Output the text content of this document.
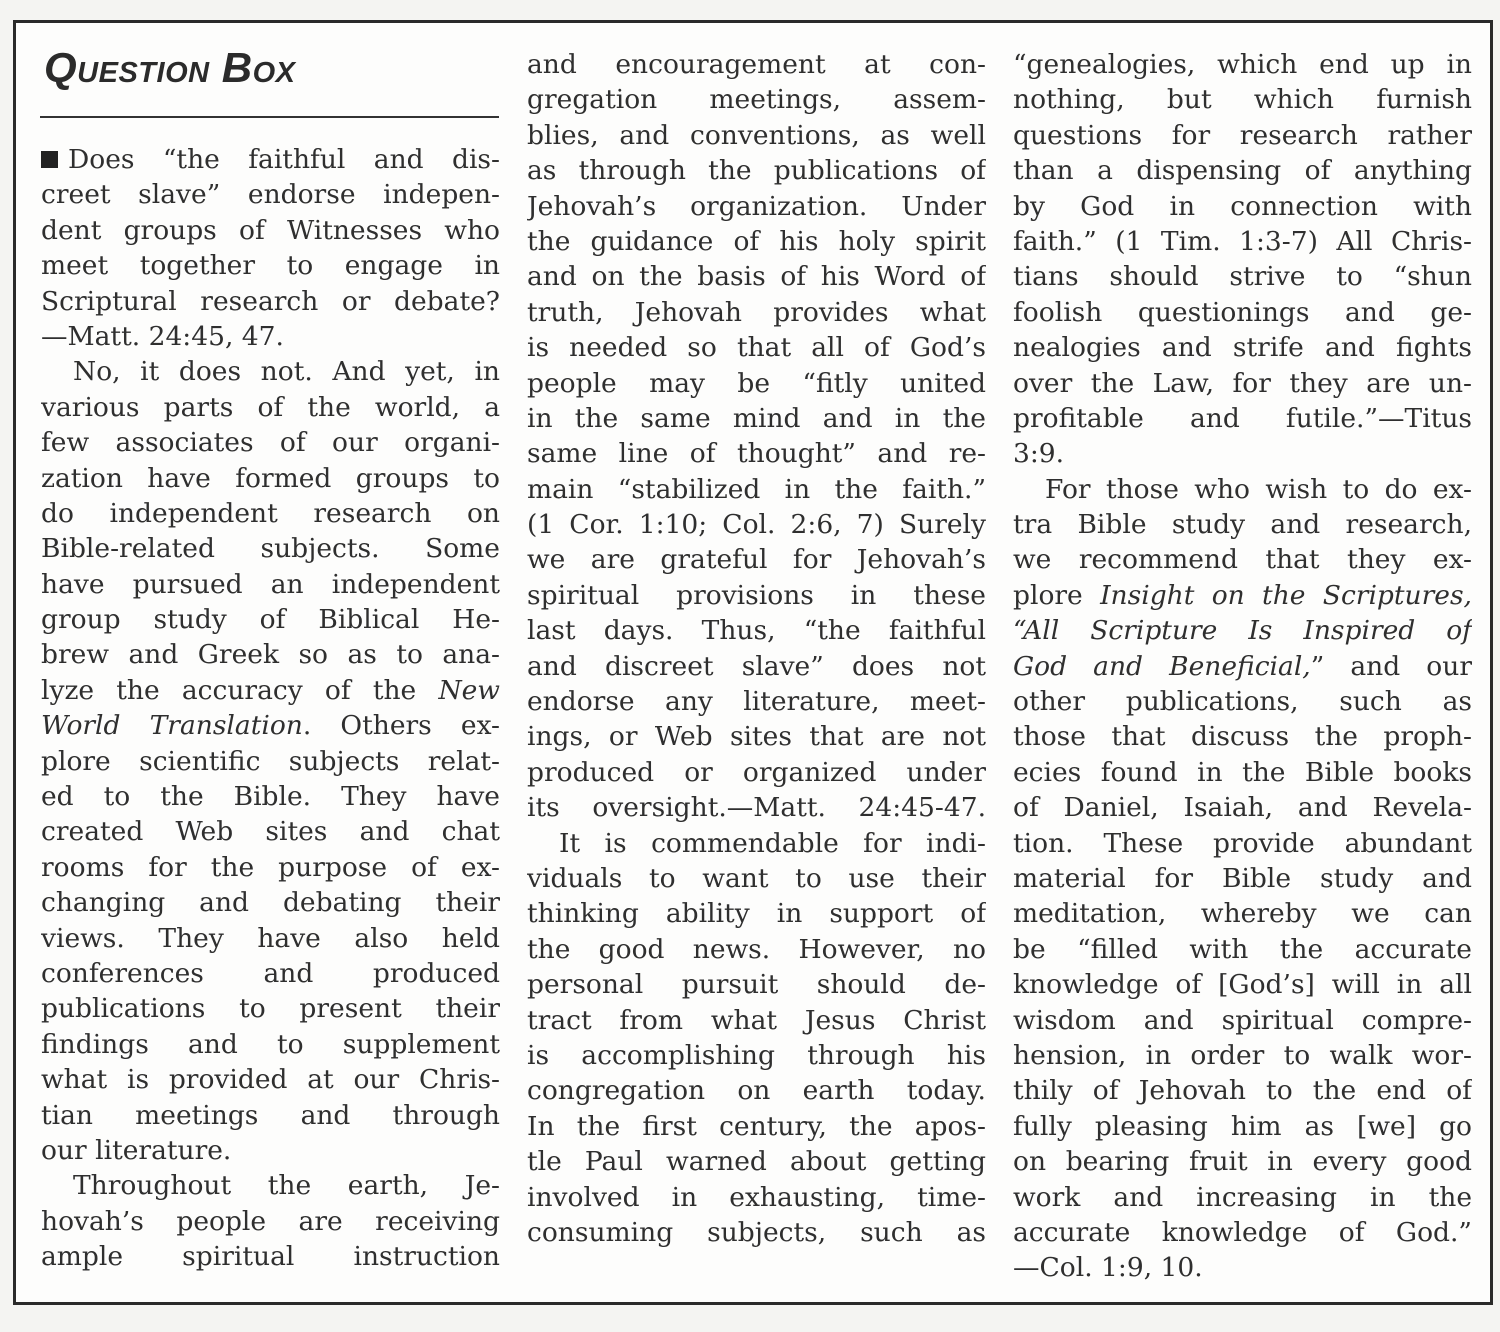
Question Box
Does “the faithful and dis-
creet slave” endorse indepen-
dent groups of Witnesses who
meet together to engage in
Scriptural research or debate?
—Matt. 24:45, 47.
No, it does not. And yet, in
various parts of the world, a
few associates of our organi-
zation have formed groups to
do independent research on
Bible-related subjects. Some
have pursued an independent
group study of Biblical He-
brew and Greek so as to ana-
lyze the accuracy of the New
World Translation. Others ex-
plore scientific subjects relat-
ed to the Bible. They have
created Web sites and chat
rooms for the purpose of ex-
changing and debating their
views. They have also held
conferences and produced
publications to present their
findings and to supplement
what is provided at our Chris-
tian meetings and through
our literature.
Throughout the earth, Je-
hovah’s people are receiving
ample spiritual instruction
and encouragement at con-
gregation meetings, assem-
blies, and conventions, as well
as through the publications of
Jehovah’s organization. Under
the guidance of his holy spirit
and on the basis of his Word of
truth, Jehovah provides what
is needed so that all of God’s
people may be “fitly united
in the same mind and in the
same line of thought” and re-
main “stabilized in the faith.”
(1 Cor. 1:10; Col. 2:6, 7) Surely
we are grateful for Jehovah’s
spiritual provisions in these
last days. Thus, “the faithful
and discreet slave” does not
endorse any literature, meet-
ings, or Web sites that are not
produced or organized under
its oversight.—Matt. 24:45-47.
It is commendable for indi-
viduals to want to use their
thinking ability in support of
the good news. However, no
personal pursuit should de-
tract from what Jesus Christ
is accomplishing through his
congregation on earth today.
In the first century, the apos-
tle Paul warned about getting
involved in exhausting, time-
consuming subjects, such as
“genealogies, which end up in
nothing, but which furnish
questions for research rather
than a dispensing of anything
by God in connection with
faith.” (1 Tim. 1:3-7) All Chris-
tians should strive to “shun
foolish questionings and ge-
nealogies and strife and fights
over the Law, for they are un-
profitable and futile.”—Titus
3:9.
For those who wish to do ex-
tra Bible study and research,
we recommend that they ex-
plore Insight on the Scriptures,
“All Scripture Is Inspired of
God and Beneficial,” and our
other publications, such as
those that discuss the proph-
ecies found in the Bible books
of Daniel, Isaiah, and Revela-
tion. These provide abundant
material for Bible study and
meditation, whereby we can
be “filled with the accurate
knowledge of [God’s] will in all
wisdom and spiritual compre-
hension, in order to walk wor-
thily of Jehovah to the end of
fully pleasing him as [we] go
on bearing fruit in every good
work and increasing in the
accurate knowledge of God.”
—Col. 1:9, 10.
